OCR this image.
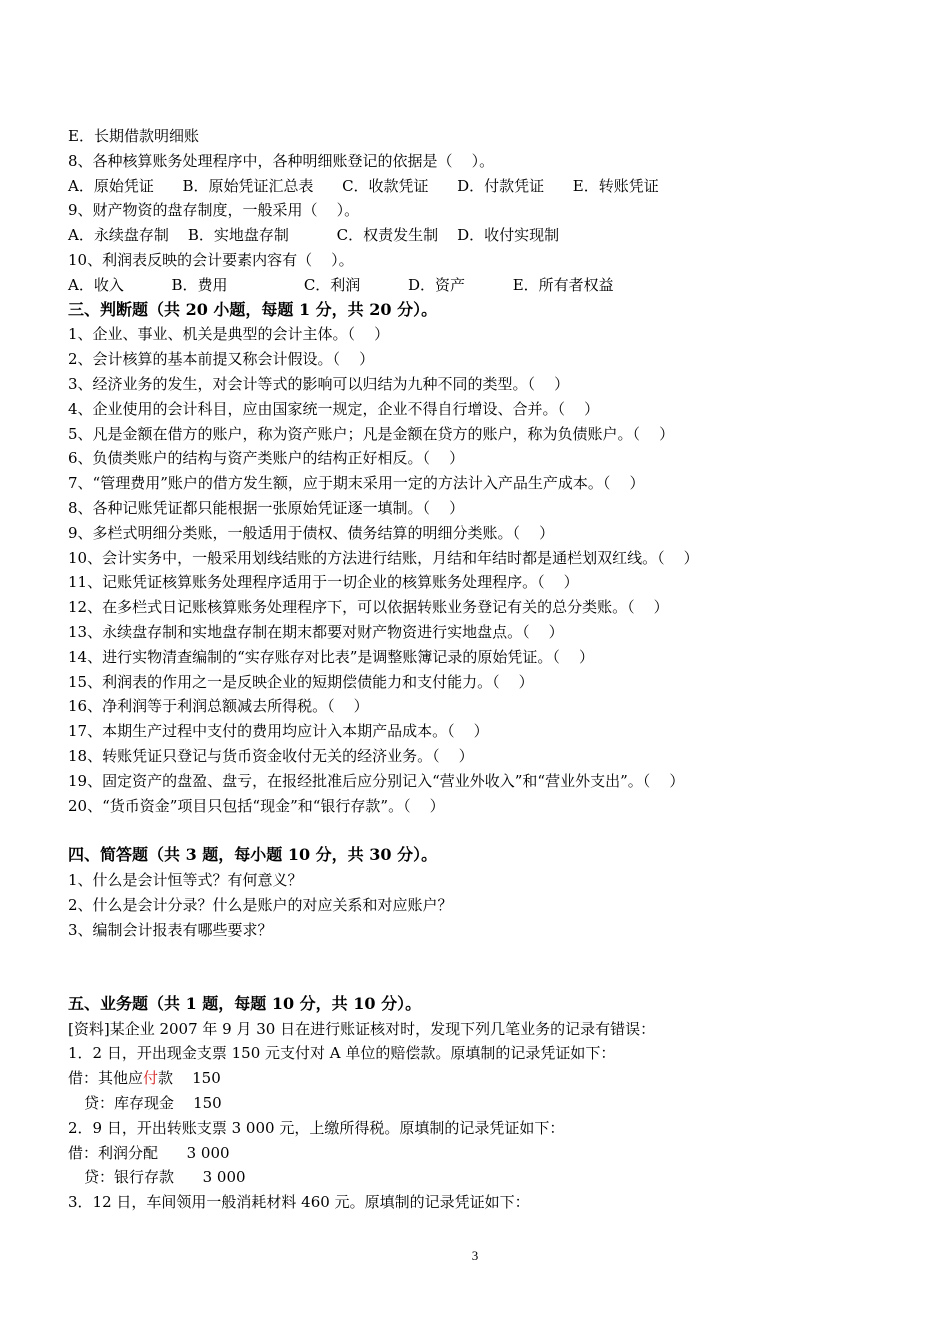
E．长期借款明细账
8、各种核算账务处理程序中，各种明细账登记的依据是（    ）。
A．原始凭证      B．原始凭证汇总表      C．收款凭证      D．付款凭证      E．转账凭证
9、财产物资的盘存制度，一般采用（    ）。
A．永续盘存制    B．实地盘存制          C．权责发生制    D．收付实现制
10、利润表反映的会计要素内容有（    ）。
A．收入          B．费用                C．利润          D．资产          E．所有者权益
三、判断题（共 20 小题，每题 1 分，共 20 分）。
1、企业、事业、机关是典型的会计主体。（    ）
2、会计核算的基本前提又称会计假设。（    ）
3、经济业务的发生，对会计等式的影响可以归结为九种不同的类型。（    ）
4、企业使用的会计科目，应由国家统一规定，企业不得自行增设、合并。（    ）
5、凡是金额在借方的账户，称为资产账户；凡是金额在贷方的账户，称为负债账户。（    ）
6、负债类账户的结构与资产类账户的结构正好相反。（    ）
7、“管理费用”账户的借方发生额，应于期末采用一定的方法计入产品生产成本。（    ）
8、各种记账凭证都只能根据一张原始凭证逐一填制。（    ）
9、多栏式明细分类账，一般适用于债权、债务结算的明细分类账。（    ）
10、会计实务中，一般采用划线结账的方法进行结账，月结和年结时都是通栏划双红线。（    ）
11、记账凭证核算账务处理程序适用于一切企业的核算账务处理程序。（    ）
12、在多栏式日记账核算账务处理程序下，可以依据转账业务登记有关的总分类账。（    ）
13、永续盘存制和实地盘存制在期末都要对财产物资进行实地盘点。（    ）
14、进行实物清查编制的“实存账存对比表”是调整账簿记录的原始凭证。（    ）
15、利润表的作用之一是反映企业的短期偿债能力和支付能力。（    ）
16、净利润等于利润总额减去所得税。（    ）
17、本期生产过程中支付的费用均应计入本期产品成本。（    ）
18、转账凭证只登记与货币资金收付无关的经济业务。（    ）
19、固定资产的盘盈、盘亏，在报经批准后应分别记入“营业外收入”和“营业外支出”。（    ）
20、“货币资金”项目只包括“现金”和“银行存款”。（    ）
四、简答题（共 3 题，每小题 10 分，共 30 分）。
1、什么是会计恒等式？有何意义？
2、什么是会计分录？什么是账户的对应关系和对应账户？
3、编制会计报表有哪些要求？
五、业务题（共 1 题，每题 10 分，共 10 分）。
[资料]某企业 2007 年 9 月 30 日在进行账证核对时，发现下列几笔业务的记录有错误：
1．2 日，开出现金支票 150 元支付对 A 单位的赔偿款。原填制的记录凭证如下：
借：其他应付款    150
贷：库存现金    150
2．9 日，开出转账支票 3 000 元，上缴所得税。原填制的记录凭证如下：
借：利润分配      3 000
贷：银行存款      3 000
3．12 日，车间领用一般消耗材料 460 元。原填制的记录凭证如下：
3
